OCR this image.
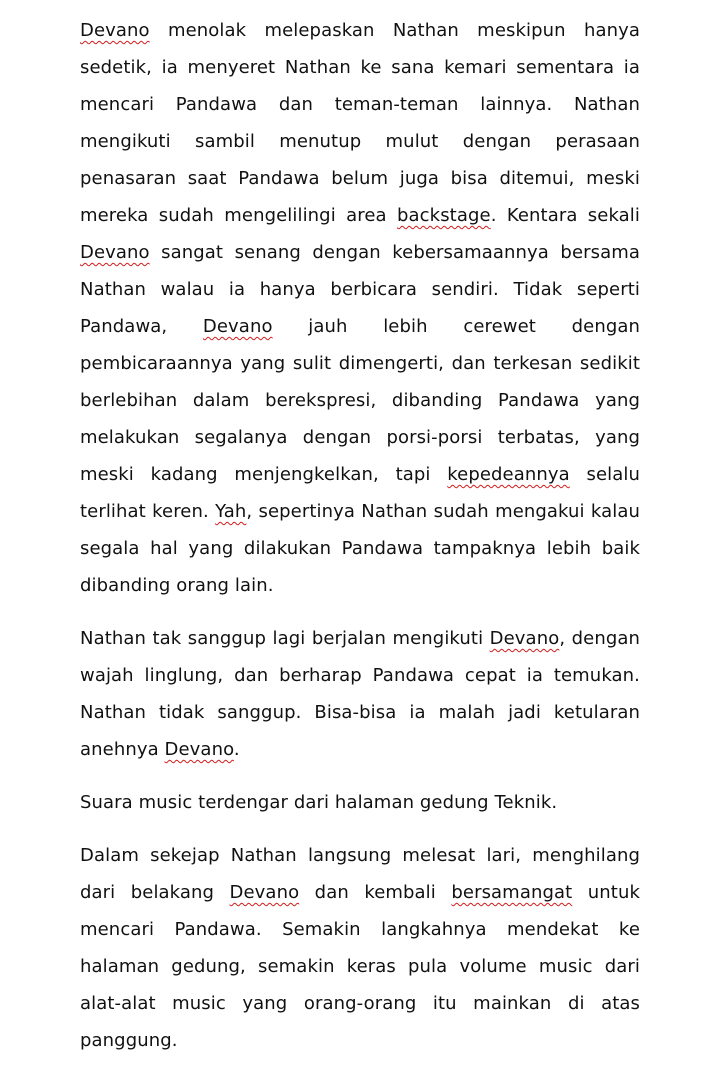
Devano menolak melepaskan Nathan meskipun hanya sedetik, ia menyeret Nathan ke sana kemari sementara ia mencari Pandawa dan teman-teman lainnya. Nathan mengikuti sambil menutup mulut dengan perasaan penasaran saat Pandawa belum juga bisa ditemui, meski mereka sudah mengelilingi area backstage. Kentara sekali Devano sangat senang dengan kebersamaannya bersama Nathan walau ia hanya berbicara sendiri. Tidak seperti Pandawa, Devano jauh lebih cerewet dengan pembicaraannya yang sulit dimengerti, dan terkesan sedikit berlebihan dalam berekspresi, dibanding Pandawa yang melakukan segalanya dengan porsi-porsi terbatas, yang meski kadang menjengkelkan, tapi kepedeannya selalu terlihat keren. Yah, sepertinya Nathan sudah mengakui kalau segala hal yang dilakukan Pandawa tampaknya lebih baik dibanding orang lain.

Nathan tak sanggup lagi berjalan mengikuti Devano, dengan wajah linglung, dan berharap Pandawa cepat ia temukan. Nathan tidak sanggup. Bisa-bisa ia malah jadi ketularan anehnya Devano.

Suara music terdengar dari halaman gedung Teknik.

Dalam sekejap Nathan langsung melesat lari, menghilang dari belakang Devano dan kembali bersamangat untuk mencari Pandawa. Semakin langkahnya mendekat ke halaman gedung, semakin keras pula volume music dari alat-alat music yang orang-orang itu mainkan di atas panggung.
